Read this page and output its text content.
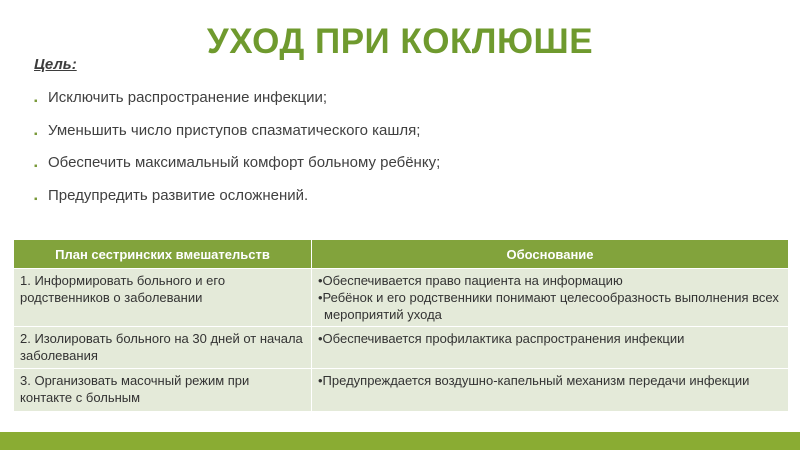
УХОД ПРИ КОКЛЮШЕ
Цель:
▪ Исключить распространение инфекции;
▪ Уменьшить число приступов спазматического кашля;
▪ Обеспечить максимальный комфорт больному ребёнку;
▪ Предупредить развитие осложнений.
План сестринских вмешательств	Обоснование
1. Информировать больного и его родственников о заболевании	•Обеспечивается право пациента на информацию
•Ребёнок и его родственники понимают целесообразность выполнения всех мероприятий ухода

2. Изолировать больного на 30 дней от начала заболевания	•Обеспечивается профилактика распространения инфекции

3. Организовать масочный режим при контакте с больным	•Предупреждается воздушно-капельный механизм передачи инфекции
